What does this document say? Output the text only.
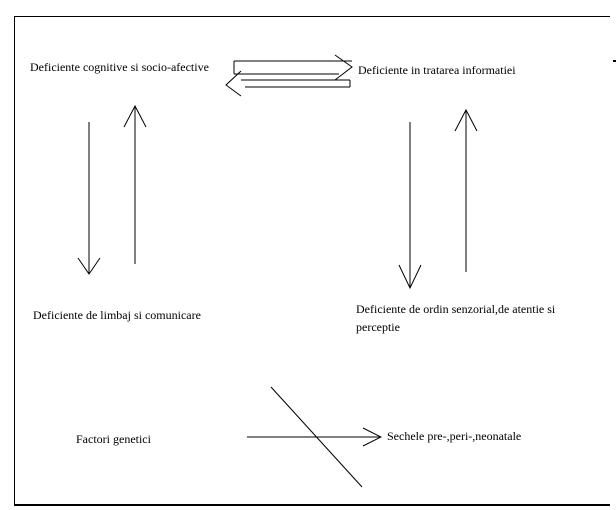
Deficiente cognitive si socio-afective	Deficiente in tratarea informatiei
Deficiente de limbaj si comunicare	Deficiente de ordin senzorial,de atentie si perceptie
Factori genetici	Sechele pre-,peri-,neonatale
